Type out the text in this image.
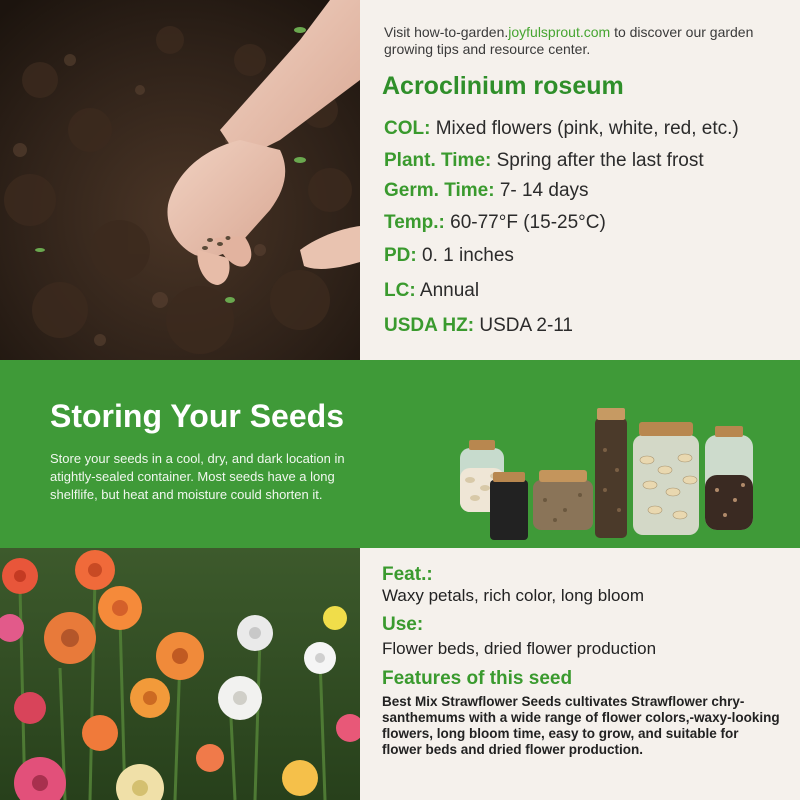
Visit how-to-garden.joyfulsprout.com to discover our garden growing tips and resource center.
Acroclinium roseum
COL: Mixed flowers (pink, white, red, etc.)
Plant. Time: Spring after the last frost
Germ. Time: 7- 14 days
Temp.: 60-77°F (15-25°C)
PD: 0. 1 inches
LC: Annual
USDA HZ: USDA 2-11
Storing Your Seeds
Store your seeds in a cool, dry, and dark location in atightly-sealed container. Most seeds have a long shelflife, but heat and moisture could shorten it.
Feat.:
Waxy petals, rich color, long bloom
Use:
Flower beds, dried flower production
Features of this seed
Best Mix Strawflower Seeds cultivates Strawflower chry-santhemums with a wide range of flower colors,-waxy-looking flowers, long bloom time, easy to grow, and suitable for flower beds and dried flower production.
